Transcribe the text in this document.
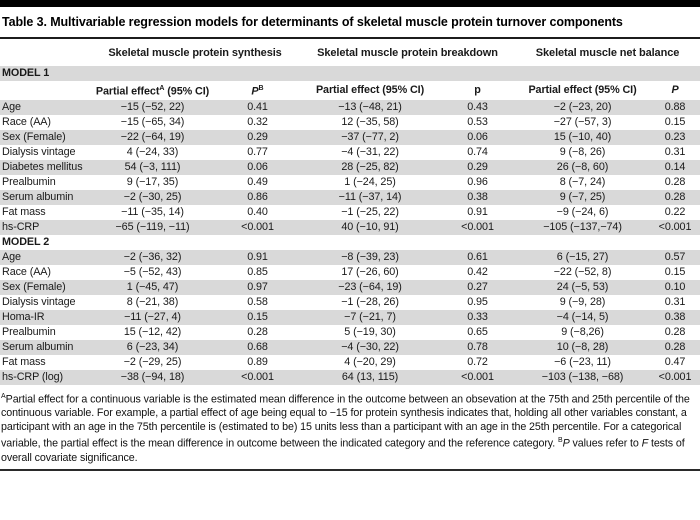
Table 3. Multivariable regression models for determinants of skeletal muscle protein turnover components
	Skeletal muscle protein synthesis		Skeletal muscle protein breakdown		Skeletal muscle net balance	
MODEL 1						
	Partial effect$^A$ (95% CI)	$P^B$	Partial effect (95% CI)	p	Partial effect (95% CI)	P
Age	−15 (−52, 22)	0.41	−13 (−48, 21)	0.43	−2 (−23, 20)	0.88
Race (AA)	−15 (−65, 34)	0.32	12 (−35, 58)	0.53	−27 (−57, 3)	0.15
Sex (Female)	−22 (−64, 19)	0.29	−37 (−77, 2)	0.06	15 (−10, 40)	0.23
Dialysis vintage	4 (−24, 33)	0.77	−4 (−31, 22)	0.74	9 (−8, 26)	0.31
Diabetes mellitus	54 (−3, 111)	0.06	28 (−25, 82)	0.29	26 (−8, 60)	0.14
Prealbumin	9 (−17, 35)	0.49	1 (−24, 25)	0.96	8 (−7, 24)	0.28
Serum albumin	−2 (−30, 25)	0.86	−11 (−37, 14)	0.38	9 (−7, 25)	0.28
Fat mass	−11 (−35, 14)	0.40	−1 (−25, 22)	0.91	−9 (−24, 6)	0.22
hs-CRP	−65 (−119, −11)	<0.001	40 (−10, 91)	<0.001	−105 (−137,−74)	<0.001
MODEL 2						
Age	−2 (−36, 32)	0.91	−8 (−39, 23)	0.61	6 (−15, 27)	0.57
Race (AA)	−5 (−52, 43)	0.85	17 (−26, 60)	0.42	−22 (−52, 8)	0.15
Sex (Female)	1 (−45, 47)	0.97	−23 (−64, 19)	0.27	24 (−5, 53)	0.10
Dialysis vintage	8 (−21, 38)	0.58	−1 (−28, 26)	0.95	9 (−9, 28)	0.31
Homa-IR	−11 (−27, 4)	0.15	−7 (−21, 7)	0.33	−4 (−14, 5)	0.38
Prealbumin	15 (−12, 42)	0.28	5 (−19, 30)	0.65	9 (−8,26)	0.28
Serum albumin	6 (−23, 34)	0.68	−4 (−30, 22)	0.78	10 (−8, 28)	0.28
Fat mass	−2 (−29, 25)	0.89	4 (−20, 29)	0.72	−6 (−23, 11)	0.47
hs-CRP (log)	−38 (−94, 18)	<0.001	64 (13, 115)	<0.001	−103 (−138, −68)	<0.001

$^A$Partial effect for a continuous variable is the estimated mean difference in the outcome between an obsevation at the 75th and 25th percentile of the continuous variable. For example, a partial effect of age being equal to −15 for protein synthesis indicates that, holding all other variables constant, a participant with an age in the 75th percentile is (estimated to be) 15 units less than a participant with an age in the 25th percentile. For a categorical variable, the partial effect is the mean difference in outcome between the indicated category and the reference category. $^B$P values refer to F tests of overall covariate significance.
